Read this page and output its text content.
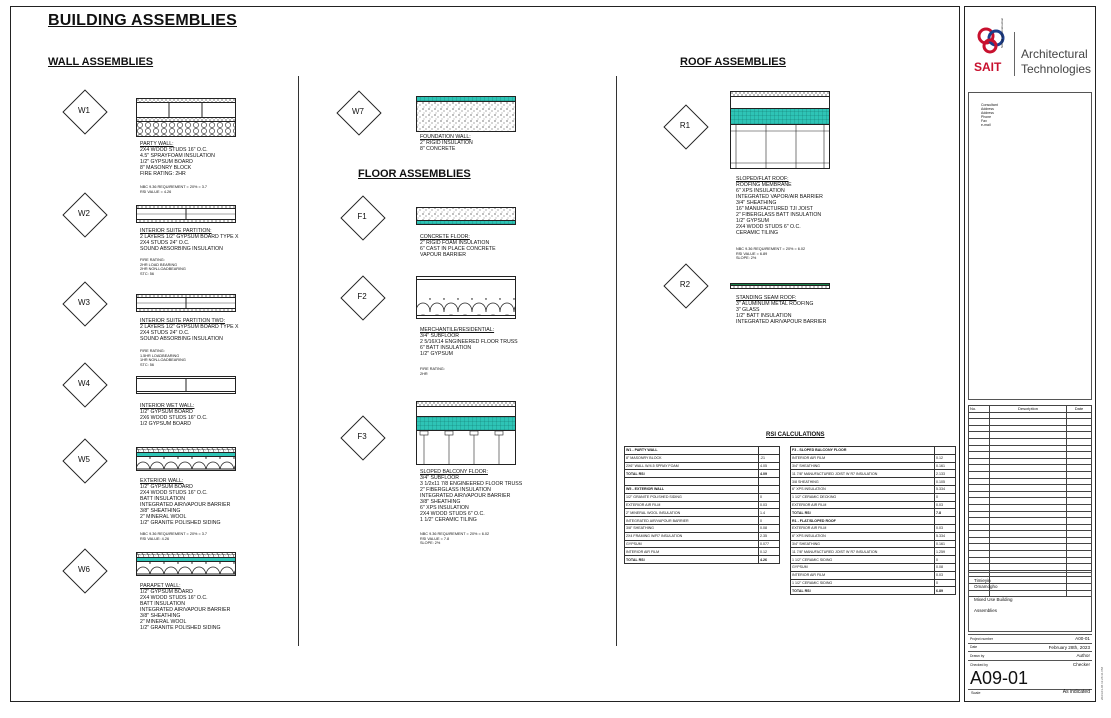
BUILDING ASSEMBLIES
WALL ASSEMBLIES
FLOOR ASSEMBLIES
ROOF ASSEMBLIES
W1
PARTY WALL:
2X4 WOOD STUDS 16" O.C.
4.5" SPRAYFOAM INSULATION
1/2" GYPSUM BOARD
8" MASONRY BLOCK
FIRE RATING: 2HR
NBC 9.36 REQUIREMENT = 20% = 3.7
RSI VALUE = 4.26
W2
INTERIOR SUITE PARTITION:
2 LAYERS 1/2" GYPSUM BOARD TYPE X
2X4 STUDS 24" O.C.
SOUND ABSORBING INSULATION
FIRE RATING:
2HR LOAD BEARING
2HR NON-LOADBEARING
STC: 56
W3
INTERIOR SUITE PARTITION TWO:
2 LAYERS 1/2" GYPSUM BOARD TYPE X
2X4 STUDS 24" O.C.
SOUND ABSORBING INSULATION
FIRE RATING:
1.5HR LOADBEARING
1HR NON-LOADBEARING
STC: 56
W4
INTERIOR WET WALL:
1/2" GYPSUM BOARD
2X6 WOOD STUDS 16" O.C.
1/2 GYPSUM BOARD
W5
EXTERIOR WALL:
1/2" GYPSUM BOARD
2X4 WOOD STUDS 16" O.C.
BATT INSULATION
INTEGRATED AIR/VAPOUR BARRIER
3/8" SHEATHING
2" MINERAL WOOL
1/2" GRANITE POLISHED SIDING
NBC 9.36 REQUIREMENT = 20% = 3.7
RSI VALUE: 4.26
W6
PARAPET WALL:
1/2" GYPSUM BOARD
2X4 WOOD STUDS 16" O.C.
BATT INSULATION
INTEGRATED AIR/VAPOUR BARRIER
3/8" SHEATHING
2" MINERAL WOOL
1/2" GRANITE POLISHED SIDING
W7
FOUNDATION WALL:
2" RIGID INSULATION
8" CONCRETE
F1
CONCRETE FLOOR:
2" RIGID FOAM INSULATION
6" CAST IN PLACE CONCRETE
VAPOUR BARRIER
F2
MERCHANTILE/RESIDENTIAL:
3/4" SUBFLOOR
2 5/16X14 ENGINEERED FLOOR TRUSS
6" BATT INSULATION
1/2" GYPSUM
FIRE RATING:
2HR
F3
SLOPED BALCONY FLOOR:
3/4" SUBFLOOR
3 1/2x11 7/8 ENGINEERED FLOOR TRUSS
2" FIBERGLASS INSULATION
INTEGRATED AIR/VAPOUR BARRIER
3/8" SHEATHING
6" XPS INSULATION
2X4 WOOD STUDS 6" O.C.
1 1/2" CERAMIC TILING
NBC 9.36 REQUIREMENT = 20% = 6.02
RSI VALUE = 7.8
SLOPE: 2%
R1
SLOPED/FLAT ROOF:
ROOFING MEMBRANE
6" XPS INSULATION
INTEGRATED VAPOR/AIR BARRIER
3/4" SHEATHING
16" MANUFACTURED TJI JOIST
2" FIBERGLASS BATT INSULATION
1/2" GYPSUM
2X4 WOOD STUDS 6" O.C.
CERAMIC TILING
NBC 9.36 REQUIREMENT = 20% = 6.02
RSI VALUE = 6.89
SLOPE: 2%
R2
STANDING SEAM ROOF:
3" ALUMINUM METAL ROOFING
3" GLASS
1/2" BATT INSULATION
INTEGRATED AIR/VAPOUR BARRIER
RSI CALCULATIONS
W1 - PARTY WALL	
8" MASONRY BLOCK	.21
2X6" WALL W/4.5 SPRAY FOAM	4.05
TOTAL RSI	4.09

W5 - EXTERIOR WALL	
1/2" GRANITE POLISHED SIDING	0
EXTERIOR AIR FILM	0.03
2" MINERAL WOOL INSULATION	1.4
INTEGRATED AIR/VAPOUR BARRIER	0
3/8" SHEATHING	0.08
2X4 FRAMING W/R7 INSULATION	2.35
GYPSUM	0.077
INTERIOR AIR FILM	0.12
TOTAL RSI	4.26
F3 - SLOPED BALCONY FLOOR	
INTERIOR AIR FILM	0.12
3/4" SHEATHING	0.161
11 7/8" MANUFACTURED JOIST W R7 INSULATION	2.133
3/8 SHEATHING	0.105
6" XPS INSULATION	5.334
1 1/2" CERAMIC DECKING	0
EXTERIOR AIR FILM	0.03
TOTAL RSI	7.8
R1 - FLAT/SLOPED ROOF	
EXTERIOR AIR FILM	0.03
6" XPS INSULATION	5.334
3/4" SHEATHING	0.161
11 7/8" MANUFACTURED JOIST W R7 INSULATION	1.259
1 1/2" CERAMIC SIDING	0
GYPSUM	0.08
INTERIOR AIR FILM	0.03
1 1/2" CERAMIC SIDING	0
TOTAL RSI	6.89
SAIT
School of Construction
Architectural
Technologies
Consultant
Address
Address
Phone
Fax
e-mail
No.	Description	Date

Timieyin
Omamogho
Mixed Use Building
Assemblies
Project number	A00-01
Date	February 28th, 2023
Drawn by	Author
Checked by	Checker
A09-01
Scale	As indicated	2024-01-06 11:26:31 PM
